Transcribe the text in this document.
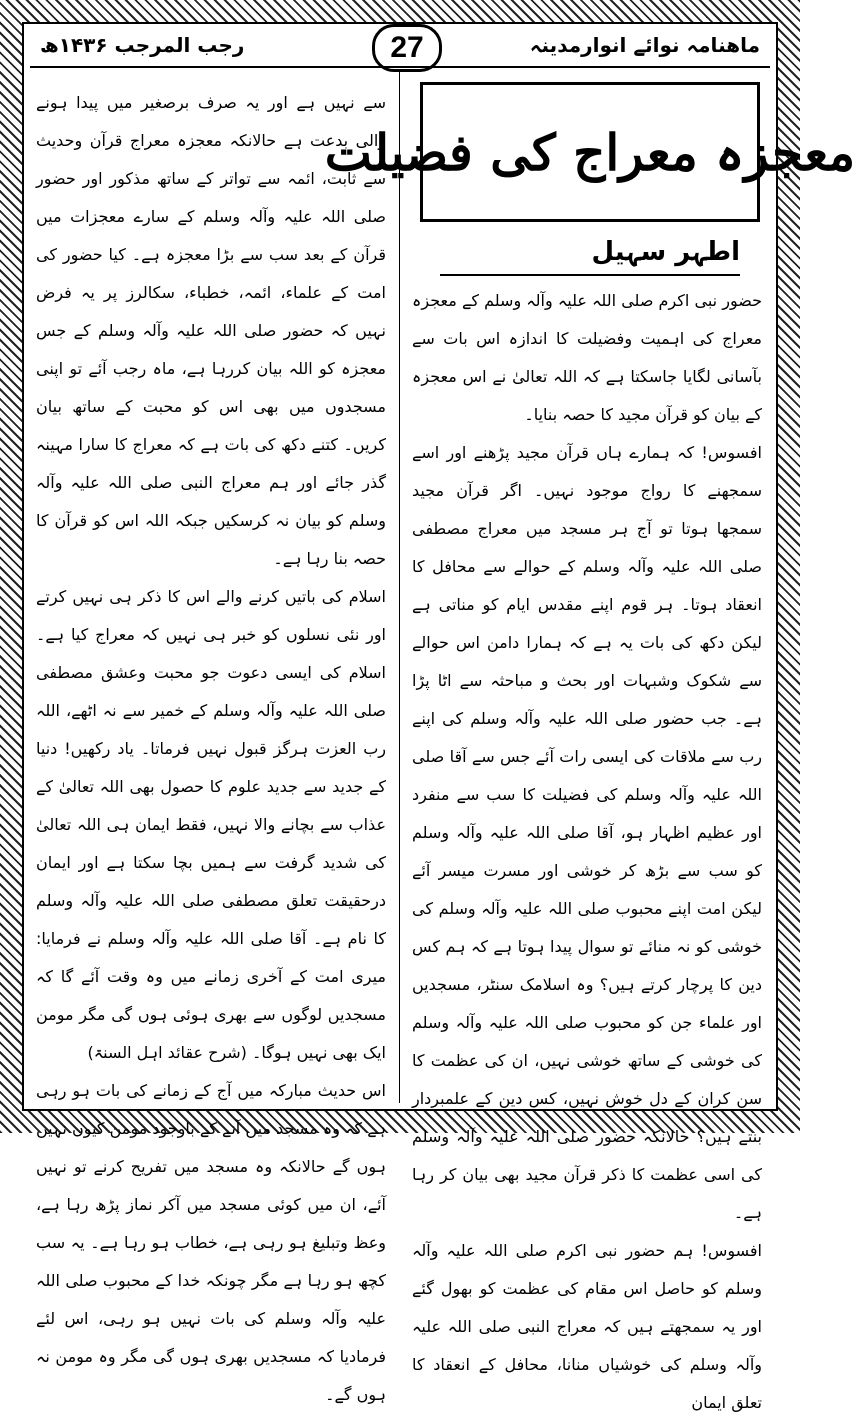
ماھنامہ نوائے انوارمدینہ
27
رجب المرجب ۱۴۳۶ھ
معجزہ معراج کی فضیلت
اطہر سہیل

حضور نبی اکرم صلی اللہ علیہ وآلہ وسلم کے معجزہ معراج کی اہمیت وفضیلت کا اندازہ اس بات سے بآسانی لگایا جاسکتا ہے کہ اللہ تعالیٰ نے اس معجزہ کے بیان کو قرآن مجید کا حصہ بنایا۔

افسوس! کہ ہمارے ہاں قرآن مجید پڑھنے اور اسے سمجھنے کا رواج موجود نہیں۔ اگر قرآن مجید سمجھا ہوتا تو آج ہر مسجد میں معراج مصطفی صلی اللہ علیہ وآلہ وسلم کے حوالے سے محافل کا انعقاد ہوتا۔ ہر قوم اپنے مقدس ایام کو مناتی ہے لیکن دکھ کی بات یہ ہے کہ ہمارا دامن اس حوالے سے شکوک وشبہات اور بحث و مباحثہ سے اٹا پڑا ہے۔ جب حضور صلی اللہ علیہ وآلہ وسلم کی اپنے رب سے ملاقات کی ایسی رات آئے جس سے آقا صلی اللہ علیہ وآلہ وسلم کی فضیلت کا سب سے منفرد اور عظیم اظہار ہو، آقا صلی اللہ علیہ وآلہ وسلم کو سب سے بڑھ کر خوشی اور مسرت میسر آئے لیکن امت اپنے محبوب صلی اللہ علیہ وآلہ وسلم کی خوشی کو نہ منائے تو سوال پیدا ہوتا ہے کہ ہم کس دین کا پرچار کرتے ہیں؟ وہ اسلامک سنٹر، مسجدیں اور علماء جن کو محبوب صلی اللہ علیہ وآلہ وسلم کی خوشی کے ساتھ خوشی نہیں، ان کی عظمت کا سن کران کے دل خوش نہیں، کس دین کے علمبردار بنتے ہیں؟ حالانکہ حضور صلی اللہ علیہ وآلہ وسلم کی اسی عظمت کا ذکر قرآن مجید بھی بیان کر رہا ہے۔

افسوس! ہم حضور نبی اکرم صلی اللہ علیہ وآلہ وسلم کو حاصل اس مقام کی عظمت کو بھول گئے اور یہ سمجھتے ہیں کہ معراج النبی صلی اللہ علیہ وآلہ وسلم کی خوشیاں منانا، محافل کے انعقاد کا تعلق ایمان

سے نہیں ہے اور یہ صرف برصغیر میں پیدا ہونے والی بدعت ہے حالانکہ معجزہ معراج قرآن وحدیث سے ثابت، ائمہ سے تواتر کے ساتھ مذکور اور حضور صلی اللہ علیہ وآلہ وسلم کے سارے معجزات میں قرآن کے بعد سب سے بڑا معجزہ ہے۔ کیا حضور کی امت کے علماء، ائمہ، خطباء، سکالرز پر یہ فرض نہیں کہ حضور صلی اللہ علیہ وآلہ وسلم کے جس معجزہ کو اللہ بیان کررہا ہے، ماہ رجب آئے تو اپنی مسجدوں میں بھی اس کو محبت کے ساتھ بیان کریں۔ کتنے دکھ کی بات ہے کہ معراج کا سارا مہینہ گذر جائے اور ہم معراج النبی صلی اللہ علیہ وآلہ وسلم کو بیان نہ کرسکیں جبکہ اللہ اس کو قرآن کا حصہ بنا رہا ہے۔

اسلام کی باتیں کرنے والے اس کا ذکر ہی نہیں کرتے اور نئی نسلوں کو خبر ہی نہیں کہ معراج کیا ہے۔ اسلام کی ایسی دعوت جو محبت وعشق مصطفی صلی اللہ علیہ وآلہ وسلم کے خمیر سے نہ اٹھے، اللہ رب العزت ہرگز قبول نہیں فرماتا۔ یاد رکھیں! دنیا کے جدید سے جدید علوم کا حصول بھی اللہ تعالیٰ کے عذاب سے بچانے والا نہیں، فقط ایمان ہی اللہ تعالیٰ کی شدید گرفت سے ہمیں بچا سکتا ہے اور ایمان درحقیقت تعلق مصطفی صلی اللہ علیہ وآلہ وسلم کا نام ہے۔ آقا صلی اللہ علیہ وآلہ وسلم نے فرمایا: میری امت کے آخری زمانے میں وہ وقت آئے گا کہ مسجدیں لوگوں سے بھری ہوئی ہوں گی مگر مومن ایک بھی نہیں ہوگا۔ (شرح عقائد اہل السنۃ)

اس حدیث مبارکہ میں آج کے زمانے کی بات ہو رہی ہے کہ وہ مسجد میں آنے کے باوجود مومن کیوں نہیں ہوں گے حالانکہ وہ مسجد میں تفریح کرنے تو نہیں آئے، ان میں کوئی مسجد میں آکر نماز پڑھ رہا ہے، وعظ وتبلیغ ہو رہی ہے، خطاب ہو رہا ہے۔ یہ سب کچھ ہو رہا ہے مگر چونکہ خدا کے محبوب صلی اللہ علیہ وآلہ وسلم کی بات نہیں ہو رہی، اس لئے فرمادیا کہ مسجدیں بھری ہوں گی مگر وہ مومن نہ ہوں گے۔
